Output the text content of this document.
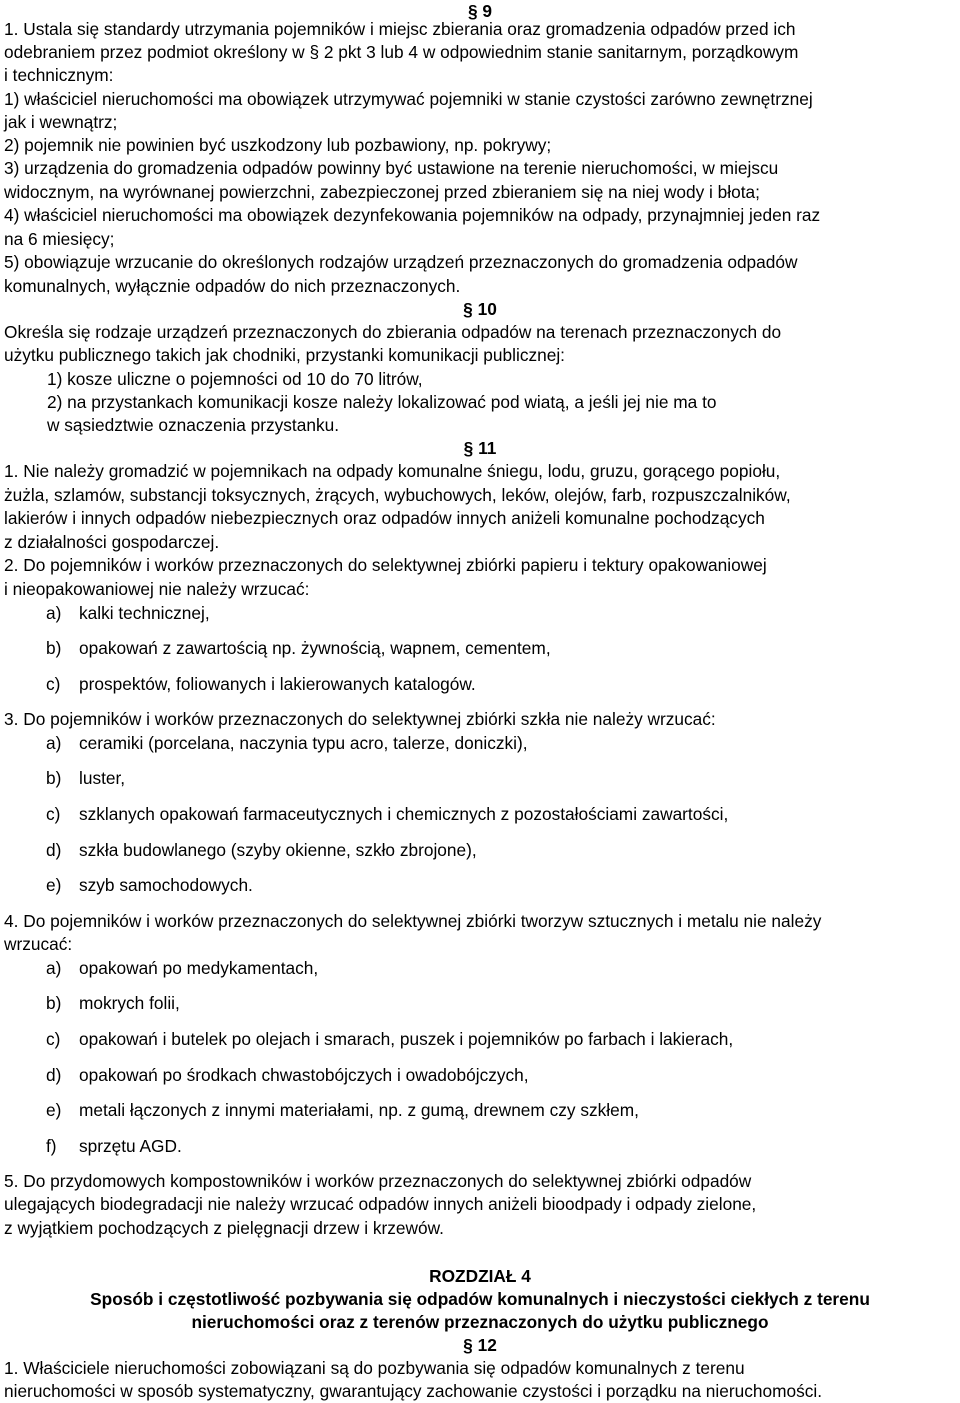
§ 9

1. Ustala się standardy utrzymania pojemników i miejsc zbierania oraz gromadzenia odpadów przed ich

odebraniem przez podmiot określony w § 2 pkt 3 lub 4 w odpowiednim stanie sanitarnym, porządkowym

i technicznym:

1) właściciel nieruchomości ma obowiązek utrzymywać pojemniki w stanie czystości zarówno zewnętrznej

jak i wewnątrz;

2) pojemnik nie powinien być uszkodzony lub pozbawiony, np. pokrywy;

3) urządzenia do gromadzenia odpadów powinny być ustawione na terenie nieruchomości, w miejscu

widocznym, na wyrównanej powierzchni, zabezpieczonej przed zbieraniem się na niej wody i błota;

4) właściciel nieruchomości ma obowiązek dezynfekowania pojemników na odpady, przynajmniej jeden raz

na 6 miesięcy;

5) obowiązuje wrzucanie do określonych rodzajów urządzeń przeznaczonych do gromadzenia odpadów

komunalnych, wyłącznie odpadów do nich przeznaczonych.

§ 10

Określa się rodzaje urządzeń przeznaczonych do zbierania odpadów na terenach przeznaczonych do

użytku publicznego takich jak chodniki, przystanki komunikacji publicznej:

1) kosze uliczne o pojemności od 10 do 70 litrów,

2) na przystankach komunikacji kosze należy lokalizować pod wiatą, a jeśli jej nie ma to

w sąsiedztwie oznaczenia przystanku.

§ 11

1. Nie należy gromadzić w pojemnikach na odpady komunalne śniegu, lodu, gruzu, gorącego popiołu,

żużla, szlamów, substancji toksycznych, żrących, wybuchowych, leków, olejów, farb, rozpuszczalników,

lakierów i innych odpadów niebezpiecznych oraz odpadów innych aniżeli komunalne pochodzących

z działalności gospodarczej.

2. Do pojemników i worków przeznaczonych do selektywnej zbiórki papieru i tektury opakowaniowej

i nieopakowaniowej nie należy wrzucać:

a) kalki technicznej,

b) opakowań z zawartością np. żywnością, wapnem, cementem,

c) prospektów, foliowanych i lakierowanych katalogów.

3. Do pojemników i worków przeznaczonych do selektywnej zbiórki szkła nie należy wrzucać:

a) ceramiki (porcelana, naczynia typu acro, talerze, doniczki),

b) luster,

c) szklanych opakowań farmaceutycznych i chemicznych z pozostałościami zawartości,

d) szkła budowlanego (szyby okienne, szkło zbrojone),

e) szyb samochodowych.

4. Do pojemników i worków przeznaczonych do selektywnej zbiórki tworzyw sztucznych i metalu nie należy

wrzucać:

a) opakowań po medykamentach,

b) mokrych folii,

c) opakowań i butelek po olejach i smarach, puszek i pojemników po farbach i lakierach,

d) opakowań po środkach chwastobójczych i owadobójczych,

e) metali łączonych z innymi materiałami, np. z gumą, drewnem czy szkłem,

f) sprzętu AGD.

5. Do przydomowych kompostowników i worków przeznaczonych do selektywnej zbiórki odpadów

ulegających biodegradacji nie należy wrzucać odpadów innych aniżeli bioodpady i odpady zielone,

z wyjątkiem pochodzących z pielęgnacji drzew i krzewów.

ROZDZIAŁ 4

Sposób i częstotliwość pozbywania się odpadów komunalnych i nieczystości ciekłych z terenu

nieruchomości oraz z terenów przeznaczonych do użytku publicznego

§ 12

1. Właściciele nieruchomości zobowiązani są do pozbywania się odpadów komunalnych z terenu

nieruchomości w sposób systematyczny, gwarantujący zachowanie czystości i porządku na nieruchomości.
